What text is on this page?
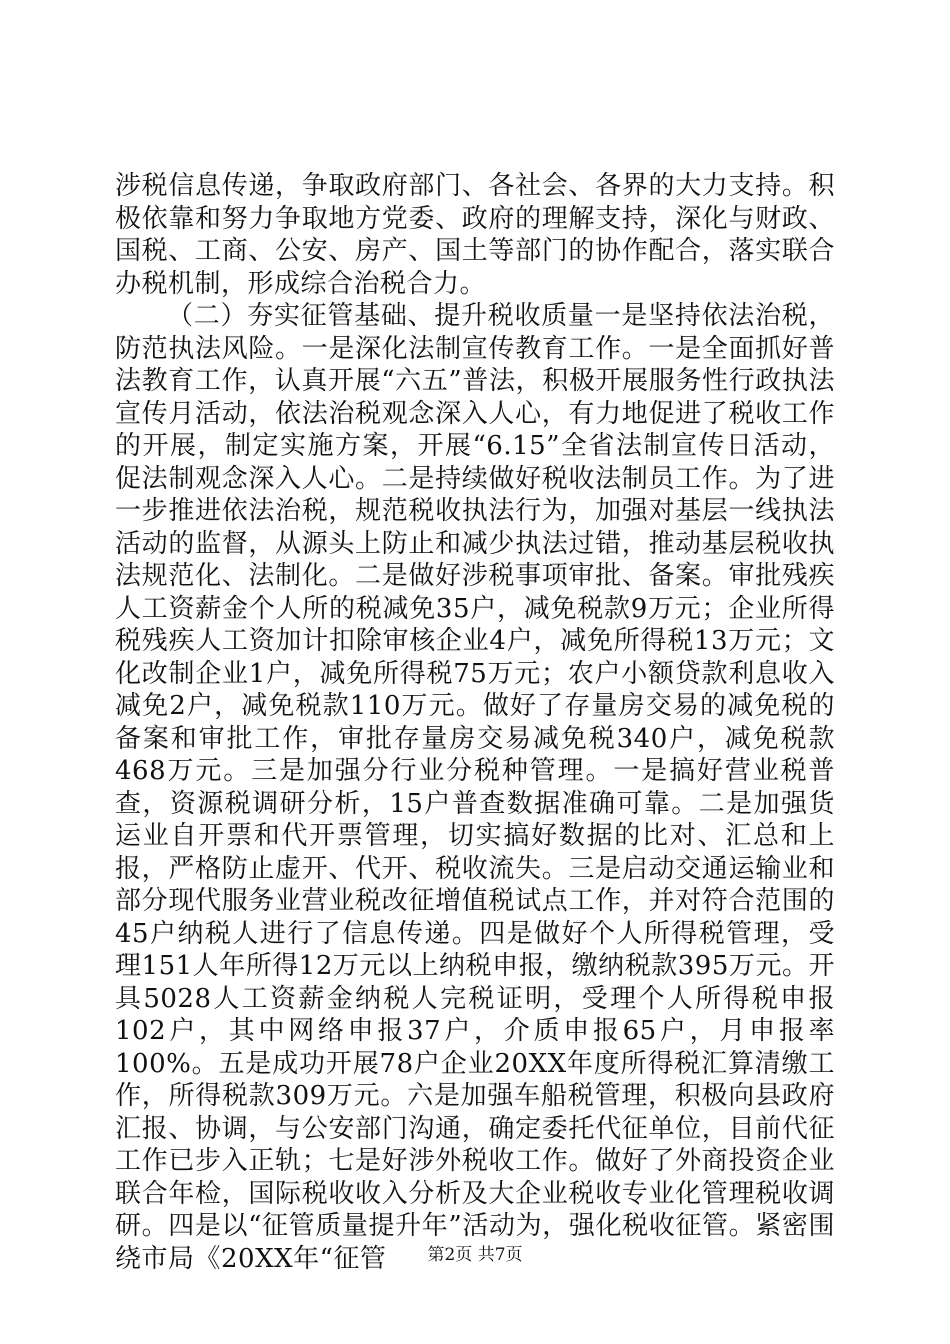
涉税信息传递，争取政府部门、各社会、各界的大力支持。积极依靠和努力争取地方党委、政府的理解支持，深化与财政、国税、工商、公安、房产、国土等部门的协作配合，落实联合办税机制，形成综合治税合力。

（二）夯实征管基础、提升税收质量一是坚持依法治税，防范执法风险。一是深化法制宣传教育工作。一是全面抓好普法教育工作，认真开展“六五”普法，积极开展服务性行政执法宣传月活动，依法治税观念深入人心，有力地促进了税收工作的开展，制定实施方案，开展“6.15”全省法制宣传日活动，促法制观念深入人心。二是持续做好税收法制员工作。为了进一步推进依法治税，规范税收执法行为，加强对基层一线执法活动的监督，从源头上防止和减少执法过错，推动基层税收执法规范化、法制化。二是做好涉税事项审批、备案。审批残疾人工资薪金个人所的税减免35户，减免税款9万元；企业所得税残疾人工资加计扣除审核企业4户，减免所得税13万元；文化改制企业1户，减免所得税75万元；农户小额贷款利息收入减免2户，减免税款110万元。做好了存量房交易的减免税的备案和审批工作，审批存量房交易减免税340户，减免税款468万元。三是加强分行业分税种管理。一是搞好营业税普查，资源税调研分析，15户普查数据准确可靠。二是加强货运业自开票和代开票管理，切实搞好数据的比对、汇总和上报，严格防止虚开、代开、税收流失。三是启动交通运输业和部分现代服务业营业税改征增值税试点工作，并对符合范围的45户纳税人进行了信息传递。四是做好个人所得税管理，受理151人年所得12万元以上纳税申报，缴纳税款395万元。开具5028人工资薪金纳税人完税证明，受理个人所得税申报102户，其中网络申报37户，介质申报65户，月申报率100%。五是成功开展78户企业20XX年度所得税汇算清缴工作，所得税款309万元。六是加强车船税管理，积极向县政府汇报、协调，与公安部门沟通，确定委托代征单位，目前代征工作已步入正轨；七是好涉外税收工作。做好了外商投资企业联合年检，国际税收收入分析及大企业税收专业化管理税收调研。四是以“征管质量提升年”活动为，强化税收征管。紧密围绕市局《20XX年“征管	第2页 共7页
